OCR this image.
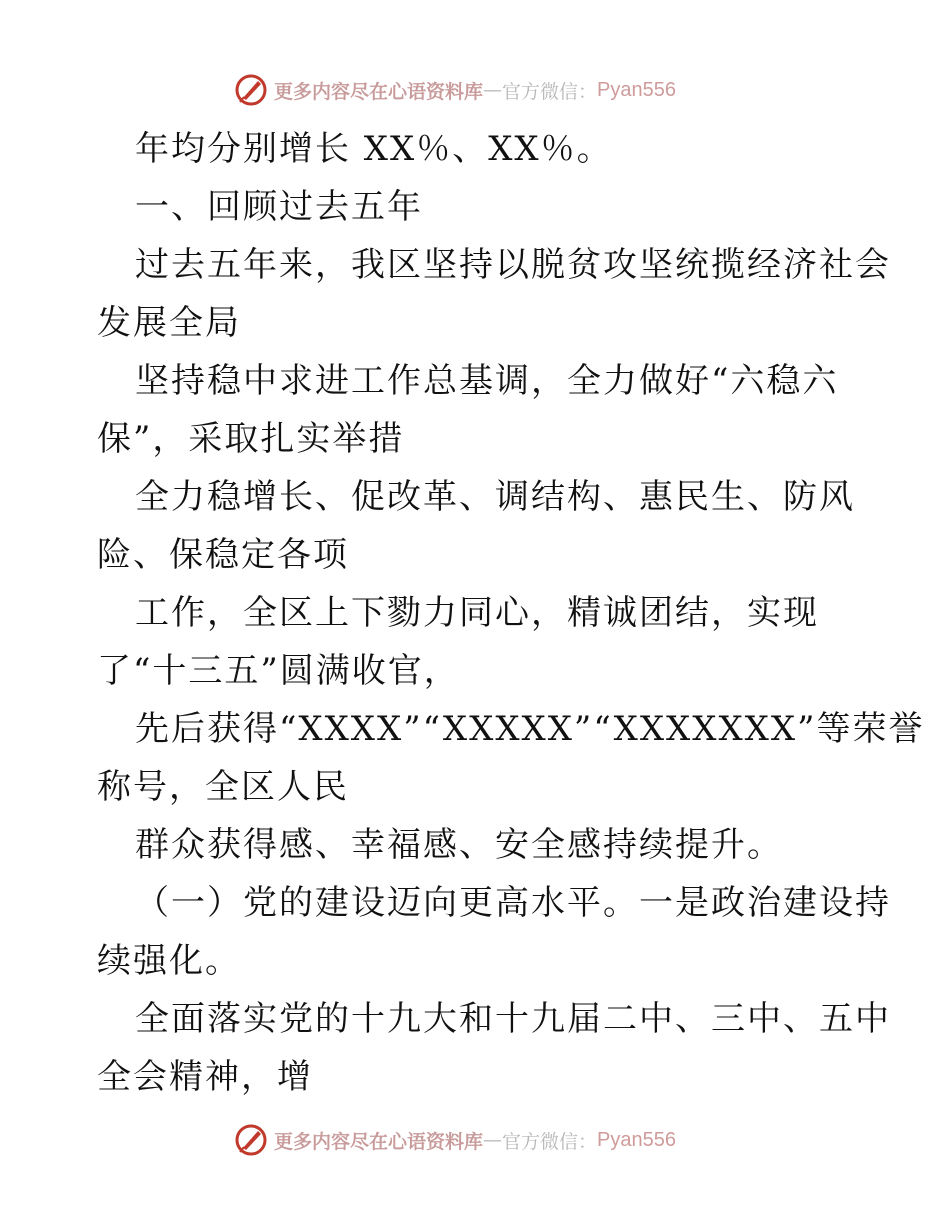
更多内容尽在心语资料库 — 官方微信： Pyan556
年均分别增长 XX％、XX％。
一、回顾过去五年
过去五年来，我区坚持以脱贫攻坚统揽经济社会
发展全局
坚持稳中求进工作总基调，全力做好“六稳六
保”，采取扎实举措
全力稳增长、促改革、调结构、惠民生、防风
险、保稳定各项
工作，全区上下勠力同心，精诚团结，实现
了“十三五”圆满收官，
先后获得“XXXX”“XXXXX”“XXXXXXX”等荣誉
称号，全区人民
群众获得感、幸福感、安全感持续提升。
（一）党的建设迈向更高水平。一是政治建设持
续强化。
全面落实党的十九大和十九届二中、三中、五中
全会精神，增
更多内容尽在心语资料库 — 官方微信： Pyan556
